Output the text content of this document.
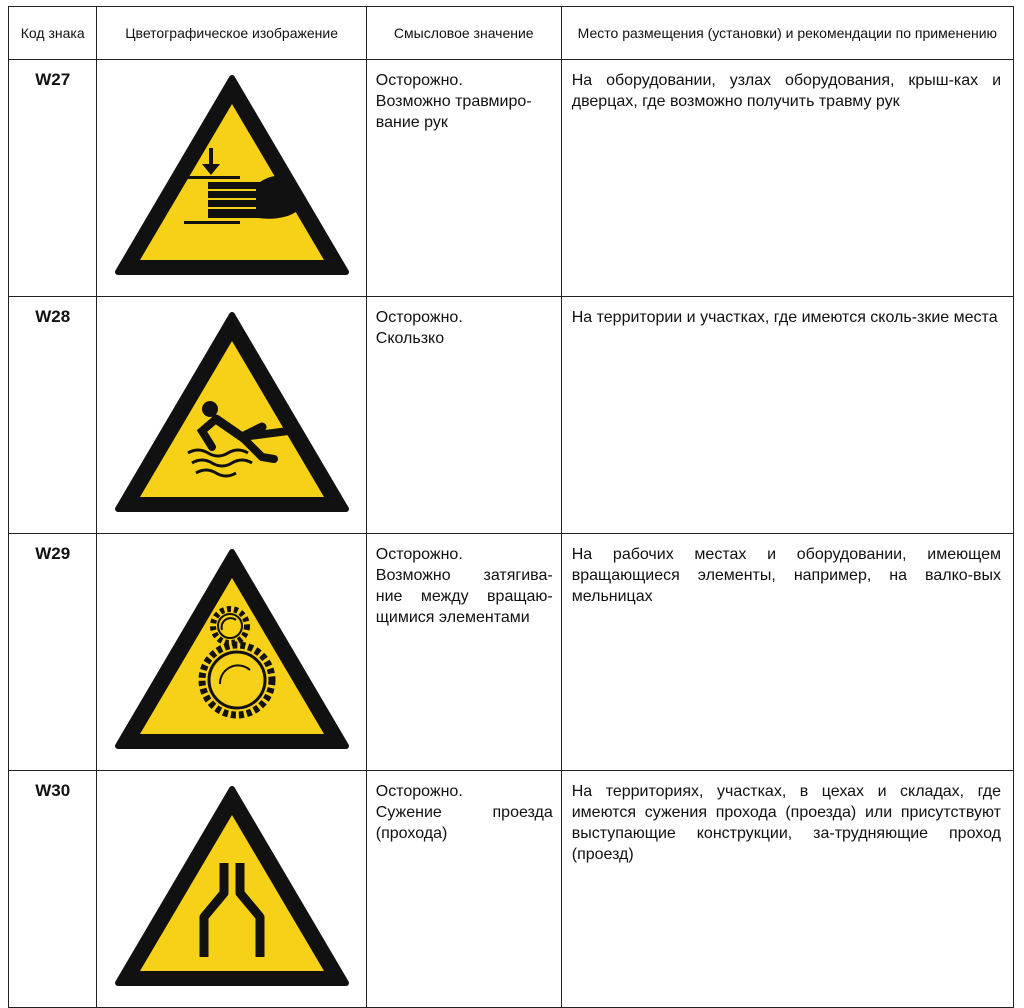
Код знака	Цветографическое изображение	Смысловое значение	Место размещения (установки) и рекомендации по применению
W27		Осторожно.
Возможно травмиро-
вание рук	На оборудовании, узлах оборудования, крыш-ках и дверцах, где возможно получить травму рук
W28		Осторожно.
Скользко	На территории и участках, где имеются сколь-зкие места
W29		Осторожно.
Возможно затягива-
ние между вращаю-
щимися элементами	На рабочих местах и оборудовании, имеющем вращающиеся элементы, например, на валко-вых мельницах
W30		Осторожно.
Сужение проезда
(прохода)	На территориях, участках, в цехах и складах, где имеются сужения прохода (проезда) или присутствуют выступающие конструкции, за-трудняющие проход (проезд)
